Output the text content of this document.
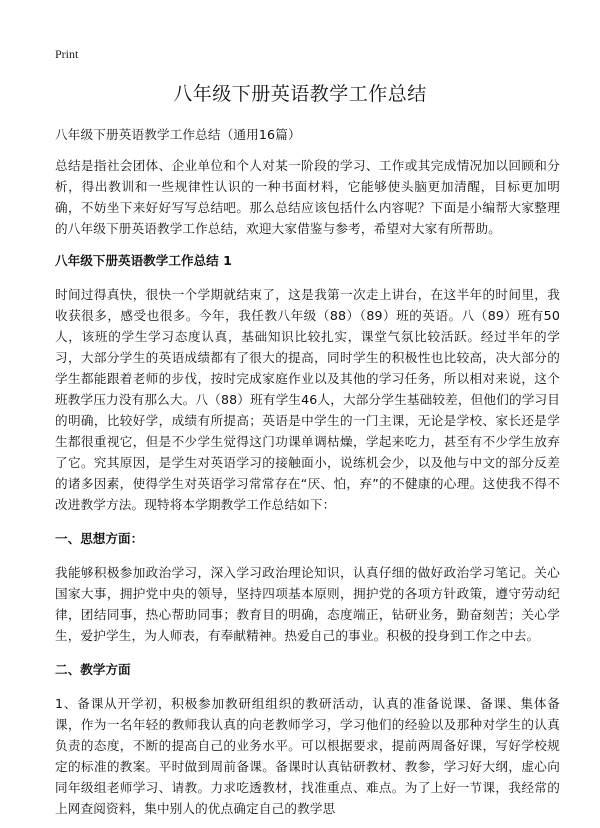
Print
八年级下册英语教学工作总结

八年级下册英语教学工作总结（通用16篇）

总结是指社会团体、企业单位和个人对某一阶段的学习、工作或其完成情况加以回顾和分析，得出教训和一些规律性认识的一种书面材料，它能够使头脑更加清醒，目标更加明确，不妨坐下来好好写写总结吧。那么总结应该包括什么内容呢？下面是小编帮大家整理的八年级下册英语教学工作总结，欢迎大家借鉴与参考，希望对大家有所帮助。

八年级下册英语教学工作总结 1

时间过得真快，很快一个学期就结束了，这是我第一次走上讲台，在这半年的时间里，我收获很多，感受也很多。今年，我任教八年级（88）（89）班的英语。八（89）班有50人，该班的学生学习态度认真，基础知识比较扎实，课堂气氛比较活跃。经过半年的学习，大部分学生的英语成绩都有了很大的提高，同时学生的积极性也比较高，决大部分的学生都能跟着老师的步伐，按时完成家庭作业以及其他的学习任务，所以相对来说，这个班教学压力没有那么大。八（88）班有学生46人，大部分学生基础较差，但他们的学习目的明确，比较好学，成绩有所提高；英语是中学生的一门主课，无论是学校、家长还是学生都很重视它，但是不少学生觉得这门功课单调枯燥，学起来吃力，甚至有不少学生放弃了它。究其原因，是学生对英语学习的接触面小，说练机会少，以及他与中文的部分反差的诸多因素，使得学生对英语学习常常存在“厌、怕，弃”的不健康的心理。这使我不得不改进教学方法。现特将本学期教学工作总结如下：

一、思想方面：

我能够积极参加政治学习，深入学习政治理论知识，认真仔细的做好政治学习笔记。关心国家大事，拥护党中央的领导，坚持四项基本原则，拥护党的各项方针政策，遵守劳动纪律，团结同事，热心帮助同事；教育目的明确，态度端正，钻研业务，勤奋刻苦；关心学生，爱护学生，为人师表，有奉献精神。热爱自己的事业。积极的投身到工作之中去。

二、教学方面

1、备课从开学初，积极参加教研组组织的教研活动，认真的准备说课、备课、集体备课，作为一名年轻的教师我认真的向老教师学习，学习他们的经验以及那种对学生的认真负责的态度，不断的提高自己的业务水平。可以根据要求，提前两周备好课，写好学校规定的标准的教案。平时做到周前备课。备课时认真钻研教材、教参，学习好大纲，虚心向同年级组老师学习、请教。力求吃透教材，找准重点、难点。为了上好一节课，我经常的上网查阅资料，集中别人的优点确定自己的教学思
